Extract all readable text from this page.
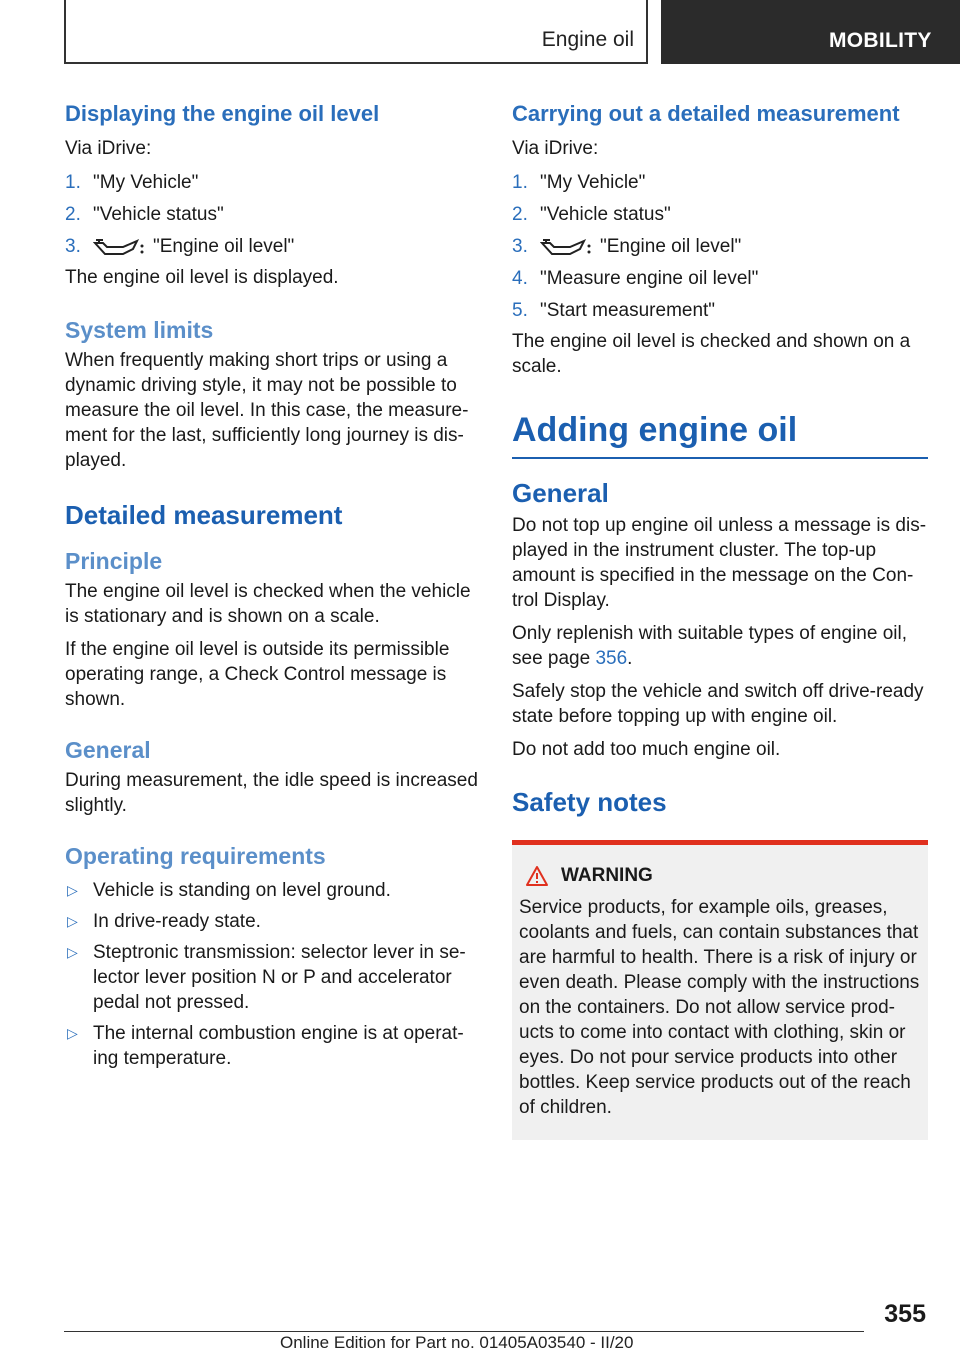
Engine oil	MOBILITY
Displaying the engine oil level

Via iDrive:

1. "My Vehicle"
2. "Vehicle status"
3.	"Engine oil level"

The engine oil level is displayed.

System limits

When frequently making short trips or using a dynamic driving style, it may not be possible to measure the oil level. In this case, the measure-ment for the last, sufficiently long journey is dis-played.

Detailed measurement
Principle

The engine oil level is checked when the vehicle is stationary and is shown on a scale.

If the engine oil level is outside its permissible operating range, a Check Control message is shown.

General

During measurement, the idle speed is increased slightly.

Operating requirements
▷ Vehicle is standing on level ground.
▷ In drive-ready state.
▷ Steptronic transmission: selector lever in se-lector lever position N or P and accelerator pedal not pressed.
▷ The internal combustion engine is at operat-ing temperature.
Carrying out a detailed measurement

Via iDrive:

1. "My Vehicle"
2. "Vehicle status"
3.	"Engine oil level"
4. "Measure engine oil level"
5. "Start measurement"

The engine oil level is checked and shown on a scale.

Adding engine oil
General

Do not top up engine oil unless a message is dis-played in the instrument cluster. The top-up amount is specified in the message on the Con-trol Display.

Only replenish with suitable types of engine oil, see page 356.

Safely stop the vehicle and switch off drive-ready state before topping up with engine oil.

Do not add too much engine oil.

Safety notes
WARNING

Service products, for example oils, greases, coolants and fuels, can contain substances that are harmful to health. There is a risk of injury or even death. Please comply with the instructions on the containers. Do not allow service prod-ucts to come into contact with clothing, skin or eyes. Do not pour service products into other bottles. Keep service products out of the reach of children.

355
Online Edition for Part no. 01405A03540 - II/20
